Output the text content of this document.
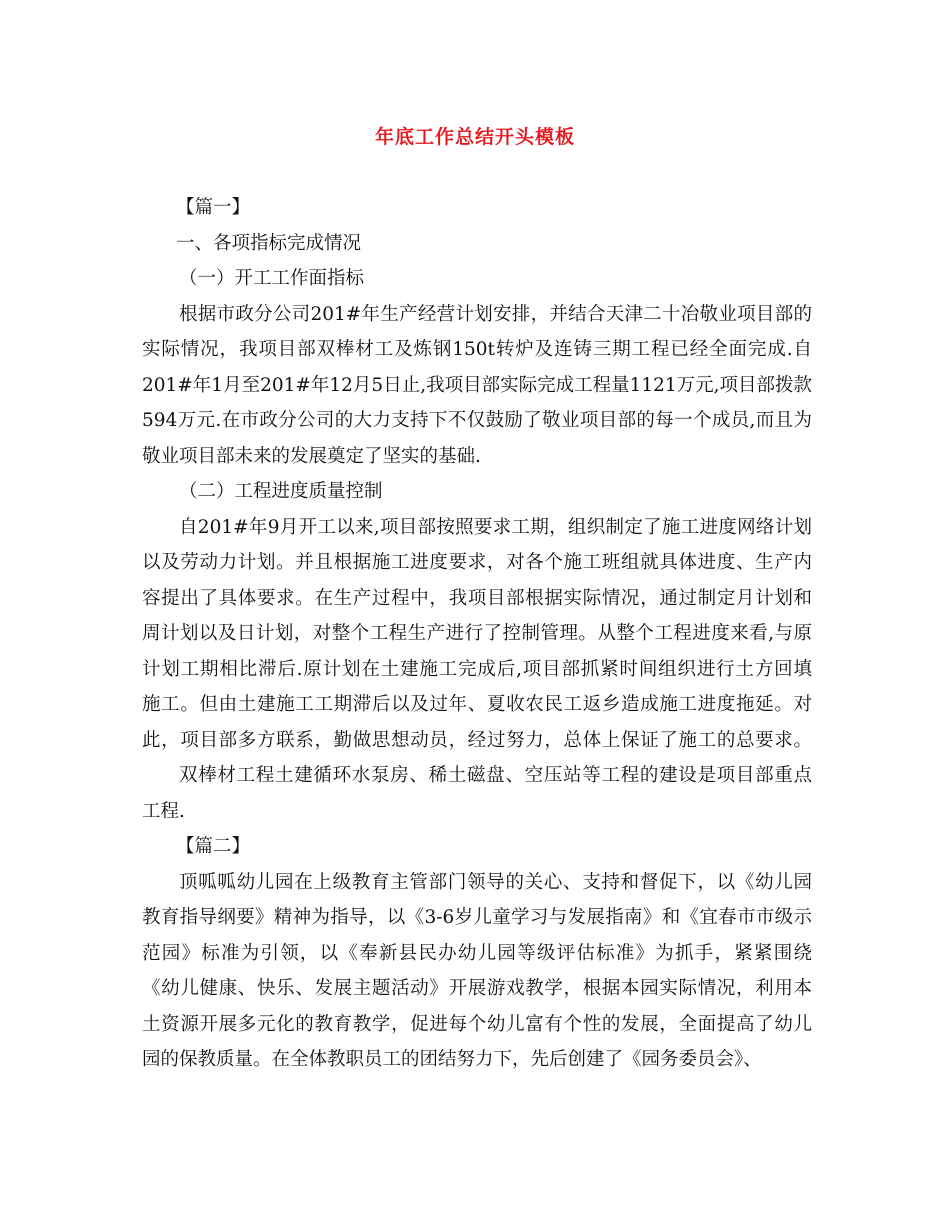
年底工作总结开头模板
【篇一】
一、各项指标完成情况
（一）开工工作面指标
根据市政分公司201#年生产经营计划安排，并结合天津二十冶敬业项目部的
实际情况，我项目部双棒材工及炼钢150t转炉及连铸三期工程已经全面完成.自
201#年1月至201#年12月5日止,我项目部实际完成工程量1121万元,项目部拨款
594万元.在市政分公司的大力支持下不仅鼓励了敬业项目部的每一个成员,而且为
敬业项目部未来的发展奠定了坚实的基础.
（二）工程进度质量控制
自201#年9月开工以来,项目部按照要求工期，组织制定了施工进度网络计划
以及劳动力计划。并且根据施工进度要求，对各个施工班组就具体进度、生产内
容提出了具体要求。在生产过程中，我项目部根据实际情况，通过制定月计划和
周计划以及日计划，对整个工程生产进行了控制管理。从整个工程进度来看,与原
计划工期相比滞后.原计划在土建施工完成后,项目部抓紧时间组织进行土方回填
施工。但由土建施工工期滞后以及过年、夏收农民工返乡造成施工进度拖延。对
此，项目部多方联系，勤做思想动员，经过努力，总体上保证了施工的总要求。
双棒材工程土建循环水泵房、稀土磁盘、空压站等工程的建设是项目部重点
工程.
【篇二】
顶呱呱幼儿园在上级教育主管部门领导的关心、支持和督促下，以《幼儿园
教育指导纲要》精神为指导，以《3-6岁儿童学习与发展指南》和《宜春市市级示
范园》标准为引领，以《奉新县民办幼儿园等级评估标准》为抓手，紧紧围绕
《幼儿健康、快乐、发展主题活动》开展游戏教学，根据本园实际情况，利用本
土资源开展多元化的教育教学，促进每个幼儿富有个性的发展，全面提高了幼儿
园的保教质量。在全体教职员工的团结努力下，先后创建了《园务委员会》、
